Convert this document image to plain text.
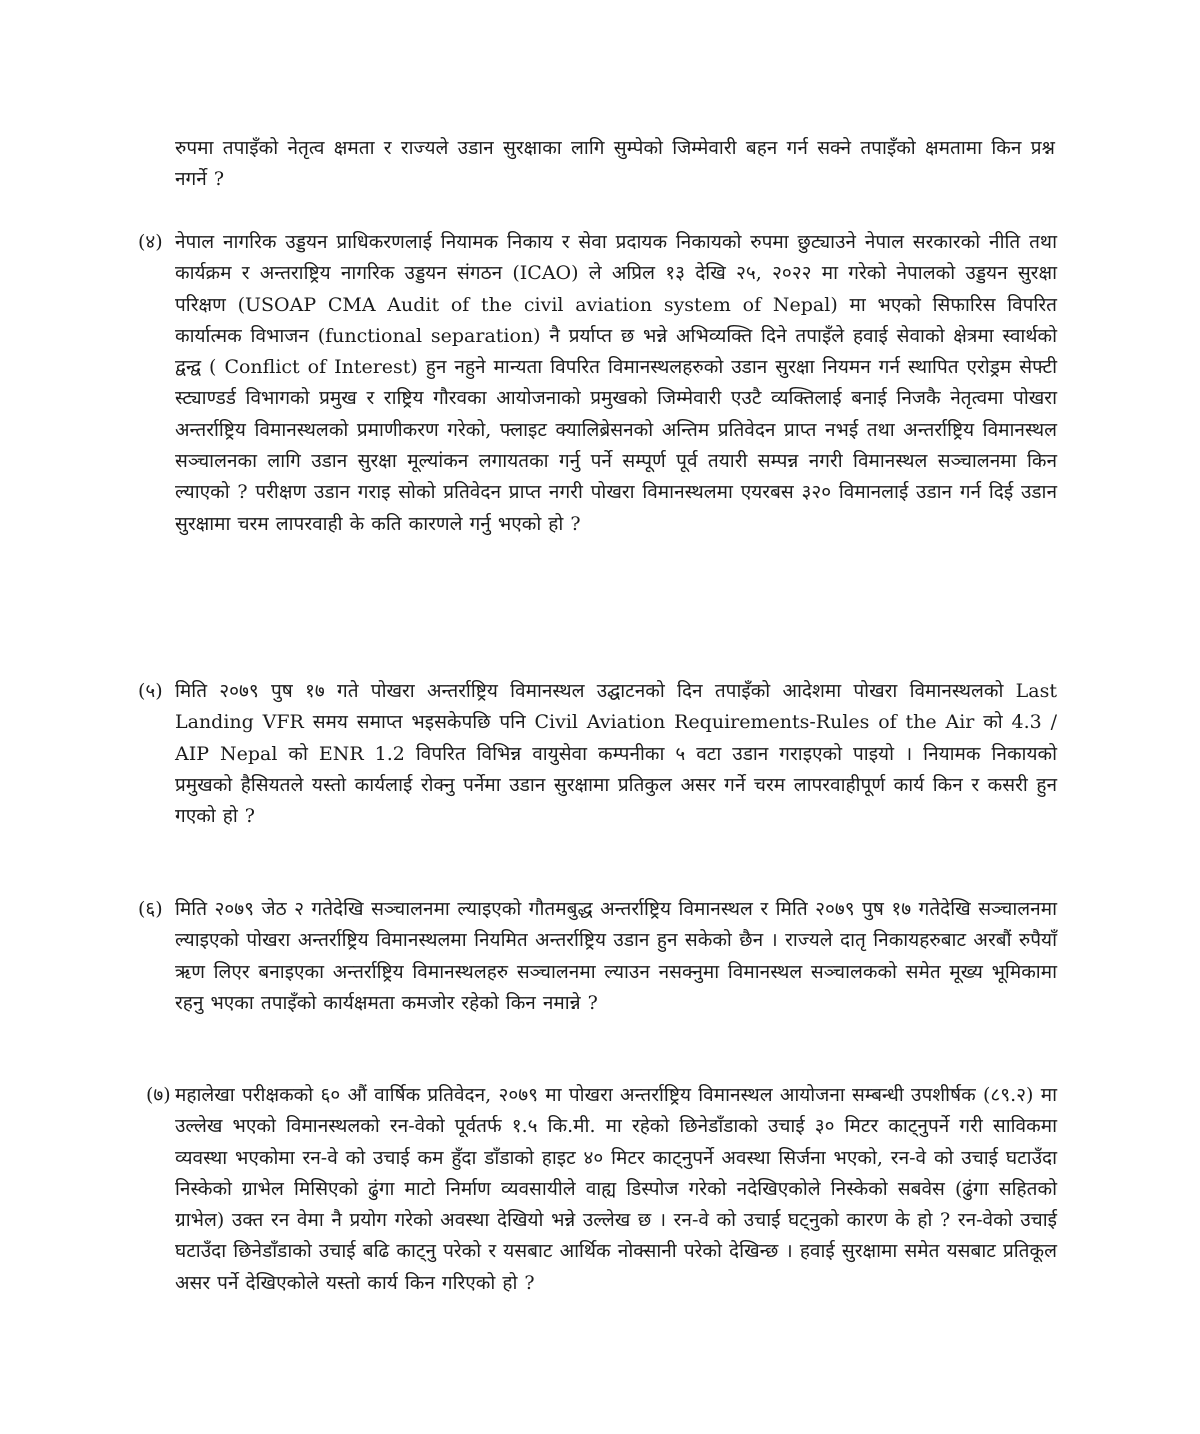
रुपमा तपाइँको नेतृत्व क्षमता र राज्यले उडान सुरक्षाका लागि सुम्पेको जिम्मेवारी बहन गर्न सक्ने तपाइँको क्षमतामा किन प्रश्न नगर्ने ?

(४) नेपाल नागरिक उड्डयन प्राधिकरणलाई नियामक निकाय र सेवा प्रदायक निकायको रुपमा छुट्याउने नेपाल सरकारको नीति तथा कार्यक्रम र अन्तराष्ट्रिय नागरिक उड्डयन संगठन (ICAO) ले अप्रिल १३ देखि २५, २०२२ मा गरेको नेपालको उड्डयन सुरक्षा परिक्षण (USOAP CMA Audit of the civil aviation system of Nepal) मा भएको सिफारिस विपरित कार्यात्मक विभाजन (functional separation) नै प्रर्याप्त छ भन्ने अभिव्यक्ति दिने तपाइँले हवाई सेवाको क्षेत्रमा स्वार्थको द्वन्द्व ( Conflict of Interest) हुन नहुने मान्यता विपरित विमानस्थलहरुको उडान सुरक्षा नियमन गर्न स्थापित एरोड्रम सेफ्टी स्ट्याण्डर्ड विभागको प्रमुख र राष्ट्रिय गौरवका आयोजनाको प्रमुखको जिम्मेवारी एउटै व्यक्तिलाई बनाई निजकै नेतृत्वमा पोखरा अन्तर्राष्ट्रिय विमानस्थलको प्रमाणीकरण गरेको, फ्लाइट क्यालिब्रेसनको अन्तिम प्रतिवेदन प्राप्त नभई तथा अन्तर्राष्ट्रिय विमानस्थल सञ्चालनका लागि उडान सुरक्षा मूल्यांकन लगायतका गर्नु पर्ने सम्पूर्ण पूर्व तयारी सम्पन्न नगरी विमानस्थल सञ्चालनमा किन ल्याएको ? परीक्षण उडान गराइ सोको प्रतिवेदन प्राप्त नगरी पोखरा विमानस्थलमा एयरबस ३२० विमानलाई उडान गर्न दिई उडान सुरक्षामा चरम लापरवाही के कति कारणले गर्नु भएको हो ?

(५) मिति २०७९ पुष १७ गते पोखरा अन्तर्राष्ट्रिय विमानस्थल उद्घाटनको दिन तपाइँको आदेशमा पोखरा विमानस्थलको Last Landing VFR समय समाप्त भइसकेपछि पनि Civil Aviation Requirements-Rules of the Air को 4.3 / AIP Nepal को ENR 1.2 विपरित विभिन्न वायुसेवा कम्पनीका ५ वटा उडान गराइएको पाइयो । नियामक निकायको प्रमुखको हैसियतले यस्तो कार्यलाई रोक्नु पर्नेमा उडान सुरक्षामा प्रतिकुल असर गर्ने चरम लापरवाहीपूर्ण कार्य किन र कसरी हुन गएको हो ?

(६) मिति २०७९ जेठ २ गतेदेखि सञ्चालनमा ल्याइएको गौतमबुद्ध अन्तर्राष्ट्रिय विमानस्थल र मिति २०७९ पुष १७ गतेदेखि सञ्चालनमा ल्याइएको पोखरा अन्तर्राष्ट्रिय विमानस्थलमा नियमित अन्तर्राष्ट्रिय उडान हुन सकेको छैन । राज्यले दातृ निकायहरुबाट अरबौं रुपैयाँ ऋण लिएर बनाइएका अन्तर्राष्ट्रिय विमानस्थलहरु सञ्चालनमा ल्याउन नसक्नुमा विमानस्थल सञ्चालकको समेत मूख्य भूमिकामा रहनु भएका तपाइँको कार्यक्षमता कमजोर रहेको किन नमान्ने ?

(७) महालेखा परीक्षकको ६० औं वार्षिक प्रतिवेदन, २०७९ मा पोखरा अन्तर्राष्ट्रिय विमानस्थल आयोजना सम्बन्धी उपशीर्षक (८९.२) मा उल्लेख भएको विमानस्थलको रन-वेको पूर्वतर्फ १.५ कि.मी. मा रहेको छिनेडाँडाको उचाई ३० मिटर काट्नुपर्ने गरी साविकमा व्यवस्था भएकोमा रन-वे को उचाई कम हुँदा डाँडाको हाइट ४० मिटर काट्नुपर्ने अवस्था सिर्जना भएको, रन-वे को उचाई घटाउँदा निस्केको ग्राभेल मिसिएको ढुंगा माटो निर्माण व्यवसायीले वाह्य डिस्पोज गरेको नदेखिएकोले निस्केको सबवेस (ढुंगा सहितको ग्राभेल) उक्त रन वेमा नै प्रयोग गरेको अवस्था देखियो भन्ने उल्लेख छ । रन-वे को उचाई घट्नुको कारण के हो ? रन-वेको उचाई घटाउँदा छिनेडाँडाको उचाई बढि काट्नु परेको र यसबाट आर्थिक नोक्सानी परेको देखिन्छ । हवाई सुरक्षामा समेत यसबाट प्रतिकूल असर पर्ने देखिएकोले यस्तो कार्य किन गरिएको हो ?
